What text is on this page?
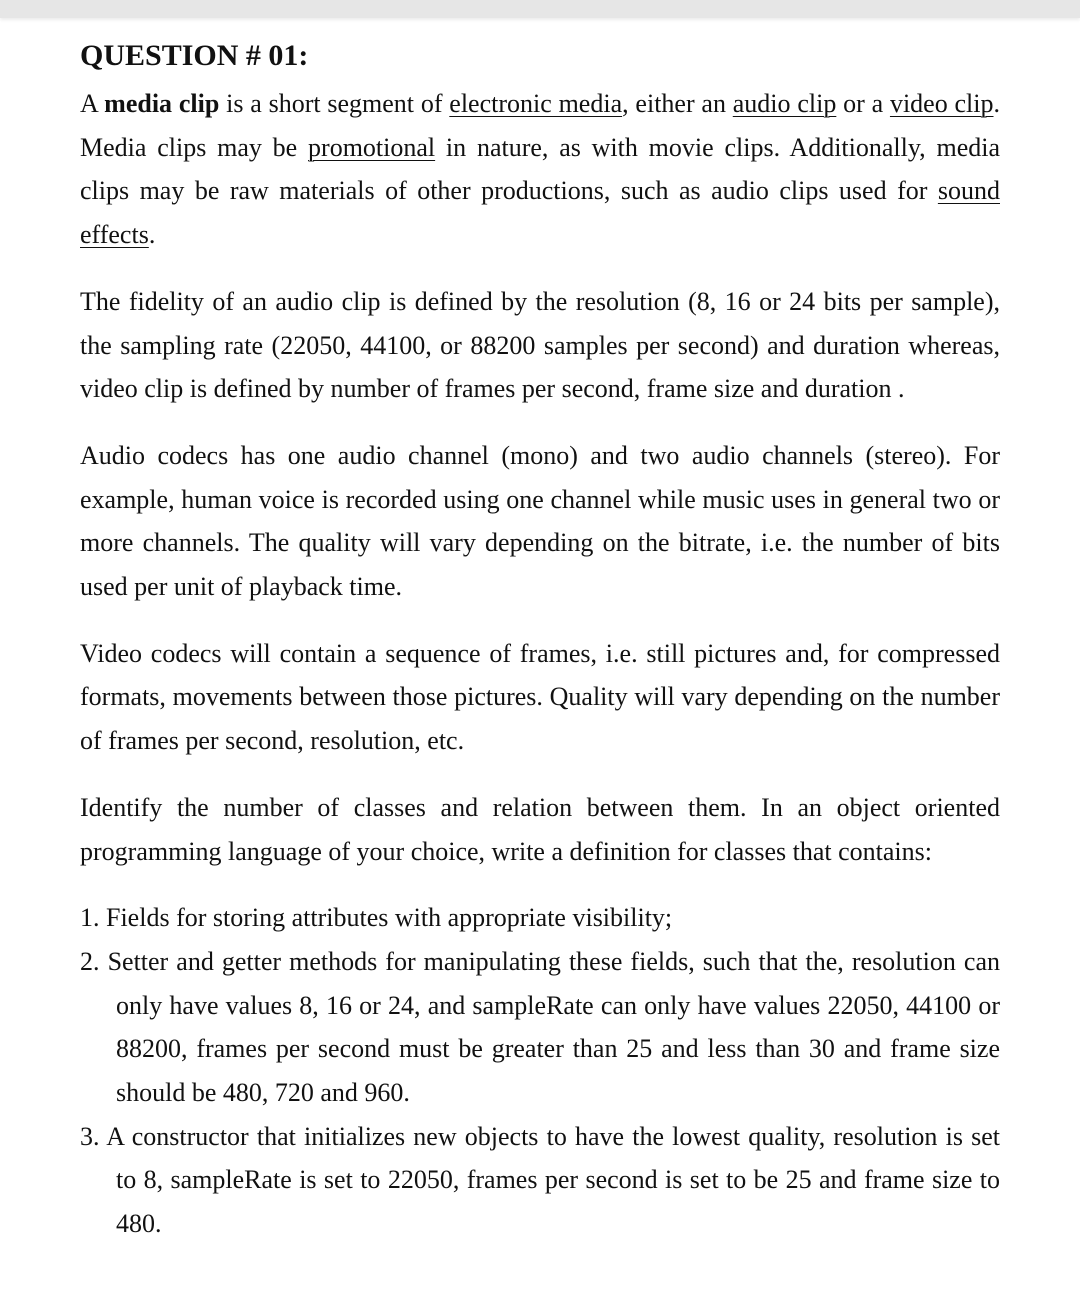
QUESTION # 01:

A media clip is a short segment of electronic media, either an audio clip or a video clip. Media clips may be promotional in nature, as with movie clips. Additionally, media clips may be raw materials of other productions, such as audio clips used for sound effects.

The fidelity of an audio clip is defined by the resolution (8, 16 or 24 bits per sample), the sampling rate (22050, 44100, or 88200 samples per second) and duration whereas, video clip is defined by number of frames per second, frame size and duration .

Audio codecs has one audio channel (mono) and two audio channels (stereo). For example, human voice is recorded using one channel while music uses in general two or more channels. The quality will vary depending on the bitrate, i.e. the number of bits used per unit of playback time.

Video codecs will contain a sequence of frames, i.e. still pictures and, for compressed formats, movements between those pictures. Quality will vary depending on the number of frames per second, resolution, etc.

Identify the number of classes and relation between them. In an object oriented programming language of your choice, write a definition for classes that contains:

1. Fields for storing attributes with appropriate visibility;
2. Setter and getter methods for manipulating these fields, such that the, resolution can only have values 8, 16 or 24, and sampleRate can only have values 22050, 44100 or 88200, frames per second must be greater than 25 and less than 30 and frame size should be 480, 720 and 960.
3. A constructor that initializes new objects to have the lowest quality, resolution is set to 8, sampleRate is set to 22050, frames per second is set to be 25 and frame size to 480.
